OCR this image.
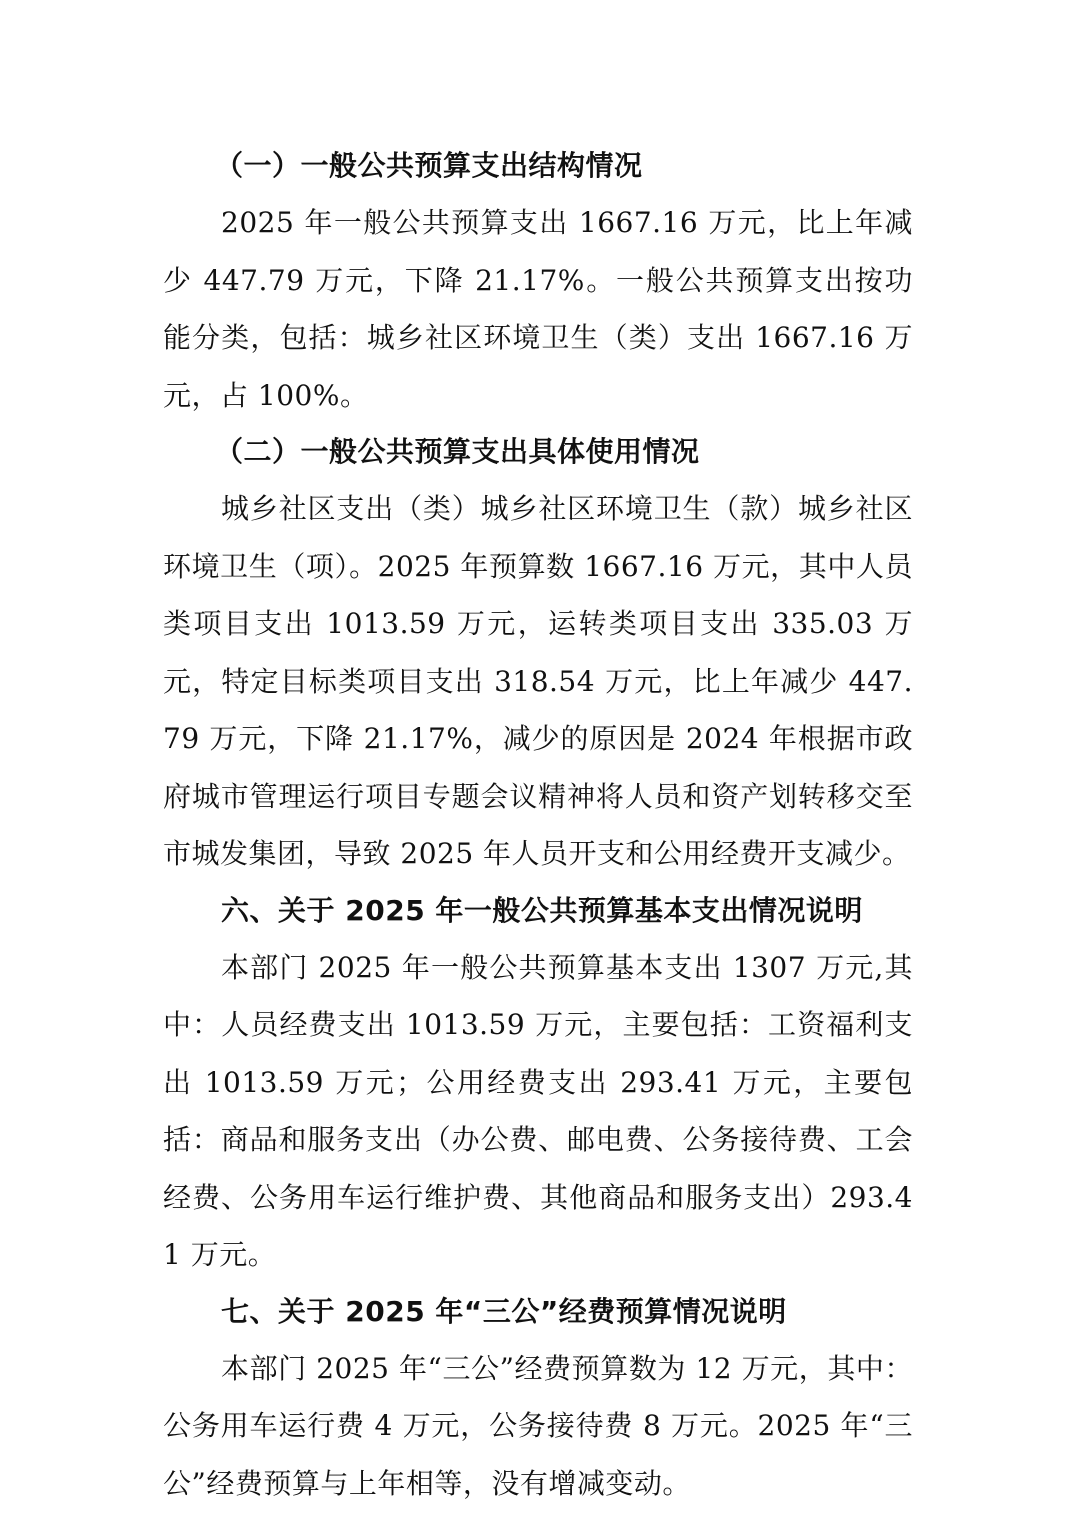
（一）一般公共预算支出结构情况

2025 年一般公共预算支出 1667.16 万元，比上年减少 447.79 万元，下降 21.17%。一般公共预算支出按功能分类，包括：城乡社区环境卫生（类）支出 1667.16 万元，占 100%。

（二）一般公共预算支出具体使用情况

城乡社区支出（类）城乡社区环境卫生（款）城乡社区环境卫生（项）。2025 年预算数 1667.16 万元，其中人员类项目支出 1013.59 万元，运转类项目支出 335.03 万元，特定目标类项目支出 318.54 万元，比上年减少 447.79 万元，下降 21.17%，减少的原因是 2024 年根据市政府城市管理运行项目专题会议精神将人员和资产划转移交至市城发集团，导致 2025 年人员开支和公用经费开支减少。

六、关于 2025 年一般公共预算基本支出情况说明

本部门 2025 年一般公共预算基本支出 1307 万元,其中：人员经费支出 1013.59 万元，主要包括：工资福利支出 1013.59 万元；公用经费支出 293.41 万元，主要包括：商品和服务支出（办公费、邮电费、公务接待费、工会经费、公务用车运行维护费、其他商品和服务支出）293.41 万元。

七、关于 2025 年“三公”经费预算情况说明

本部门 2025 年“三公”经费预算数为 12 万元，其中：公务用车运行费 4 万元，公务接待费 8 万元。2025 年“三公”经费预算与上年相等，没有增减变动。
